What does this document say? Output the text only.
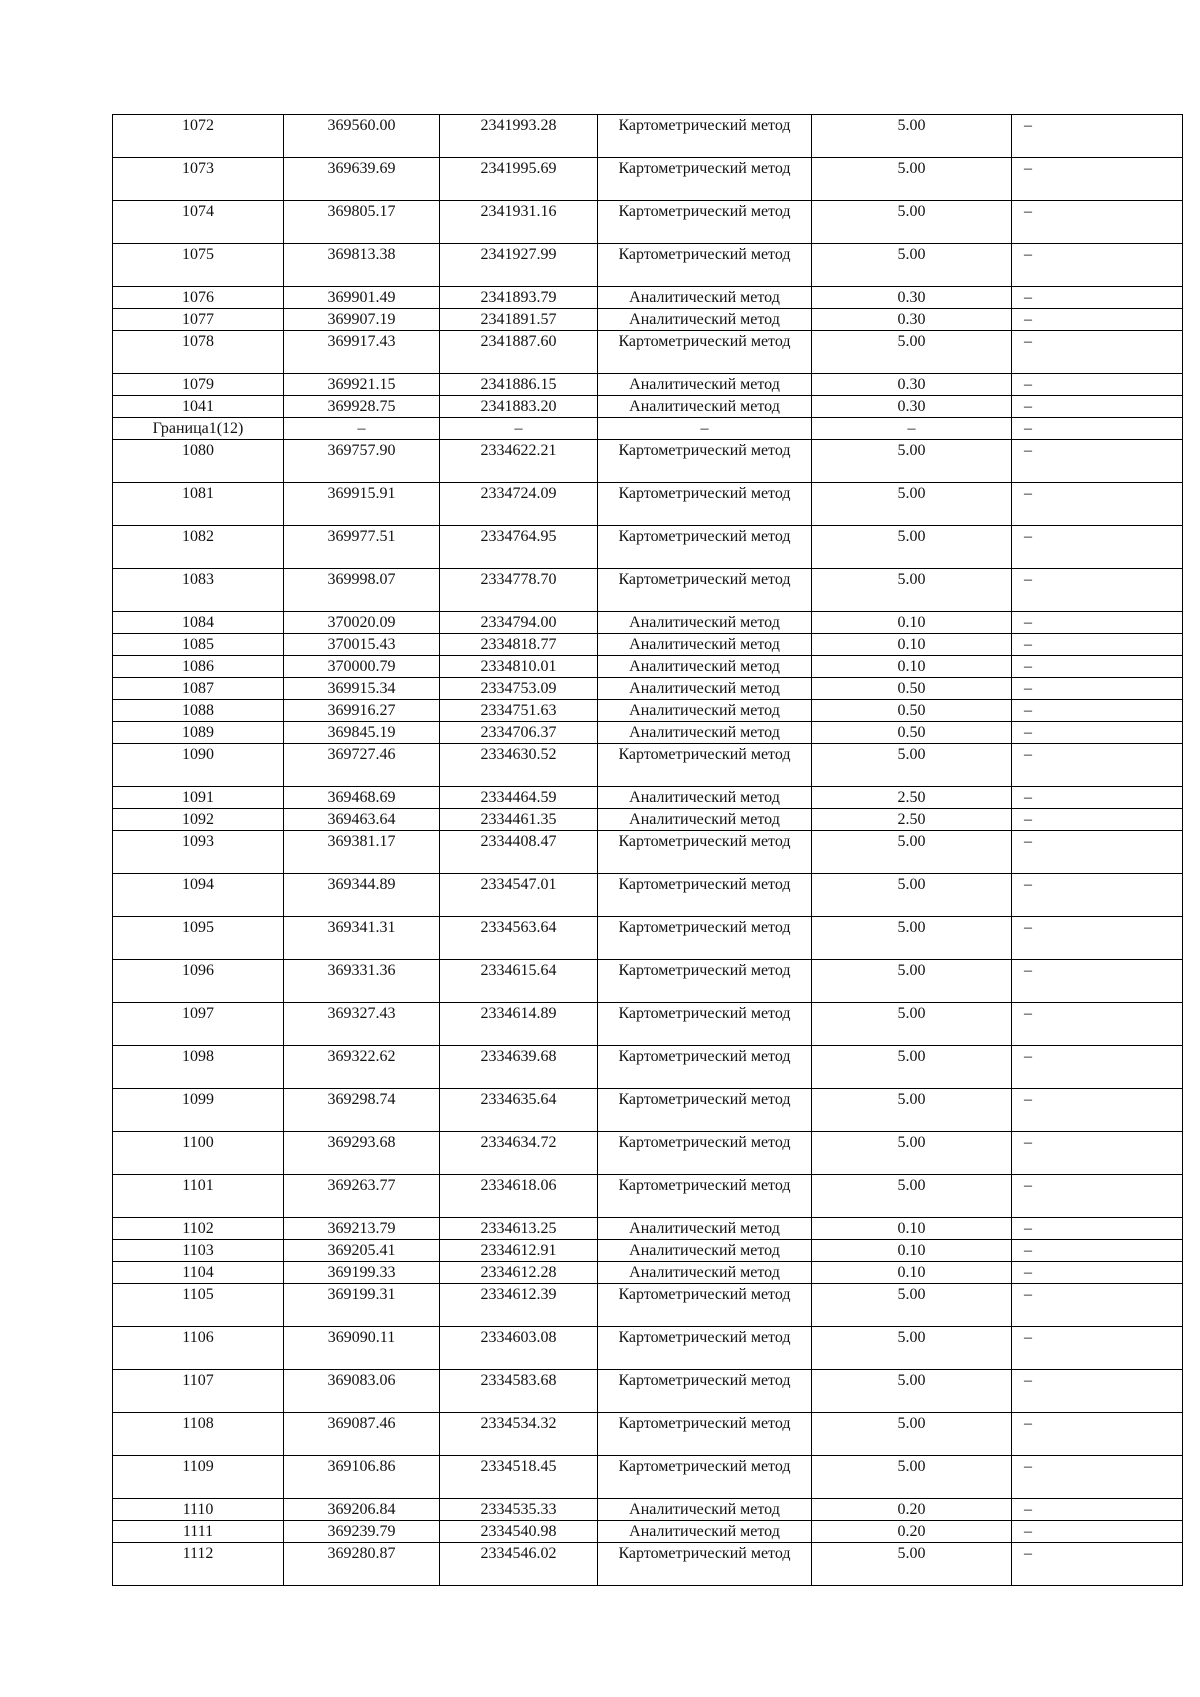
1072	369560.00	2341993.28	Картометрический метод	5.00	–
1073	369639.69	2341995.69	Картометрический метод	5.00	–
1074	369805.17	2341931.16	Картометрический метод	5.00	–
1075	369813.38	2341927.99	Картометрический метод	5.00	–
1076	369901.49	2341893.79	Аналитический метод	0.30	–
1077	369907.19	2341891.57	Аналитический метод	0.30	–
1078	369917.43	2341887.60	Картометрический метод	5.00	–
1079	369921.15	2341886.15	Аналитический метод	0.30	–
1041	369928.75	2341883.20	Аналитический метод	0.30	–
Граница1(12)	–	–	–	–	–
1080	369757.90	2334622.21	Картометрический метод	5.00	–
1081	369915.91	2334724.09	Картометрический метод	5.00	–
1082	369977.51	2334764.95	Картометрический метод	5.00	–
1083	369998.07	2334778.70	Картометрический метод	5.00	–
1084	370020.09	2334794.00	Аналитический метод	0.10	–
1085	370015.43	2334818.77	Аналитический метод	0.10	–
1086	370000.79	2334810.01	Аналитический метод	0.10	–
1087	369915.34	2334753.09	Аналитический метод	0.50	–
1088	369916.27	2334751.63	Аналитический метод	0.50	–
1089	369845.19	2334706.37	Аналитический метод	0.50	–
1090	369727.46	2334630.52	Картометрический метод	5.00	–
1091	369468.69	2334464.59	Аналитический метод	2.50	–
1092	369463.64	2334461.35	Аналитический метод	2.50	–
1093	369381.17	2334408.47	Картометрический метод	5.00	–
1094	369344.89	2334547.01	Картометрический метод	5.00	–
1095	369341.31	2334563.64	Картометрический метод	5.00	–
1096	369331.36	2334615.64	Картометрический метод	5.00	–
1097	369327.43	2334614.89	Картометрический метод	5.00	–
1098	369322.62	2334639.68	Картометрический метод	5.00	–
1099	369298.74	2334635.64	Картометрический метод	5.00	–
1100	369293.68	2334634.72	Картометрический метод	5.00	–
1101	369263.77	2334618.06	Картометрический метод	5.00	–
1102	369213.79	2334613.25	Аналитический метод	0.10	–
1103	369205.41	2334612.91	Аналитический метод	0.10	–
1104	369199.33	2334612.28	Аналитический метод	0.10	–
1105	369199.31	2334612.39	Картометрический метод	5.00	–
1106	369090.11	2334603.08	Картометрический метод	5.00	–
1107	369083.06	2334583.68	Картометрический метод	5.00	–
1108	369087.46	2334534.32	Картометрический метод	5.00	–
1109	369106.86	2334518.45	Картометрический метод	5.00	–
1110	369206.84	2334535.33	Аналитический метод	0.20	–
1111	369239.79	2334540.98	Аналитический метод	0.20	–
1112	369280.87	2334546.02	Картометрический метод	5.00	–
